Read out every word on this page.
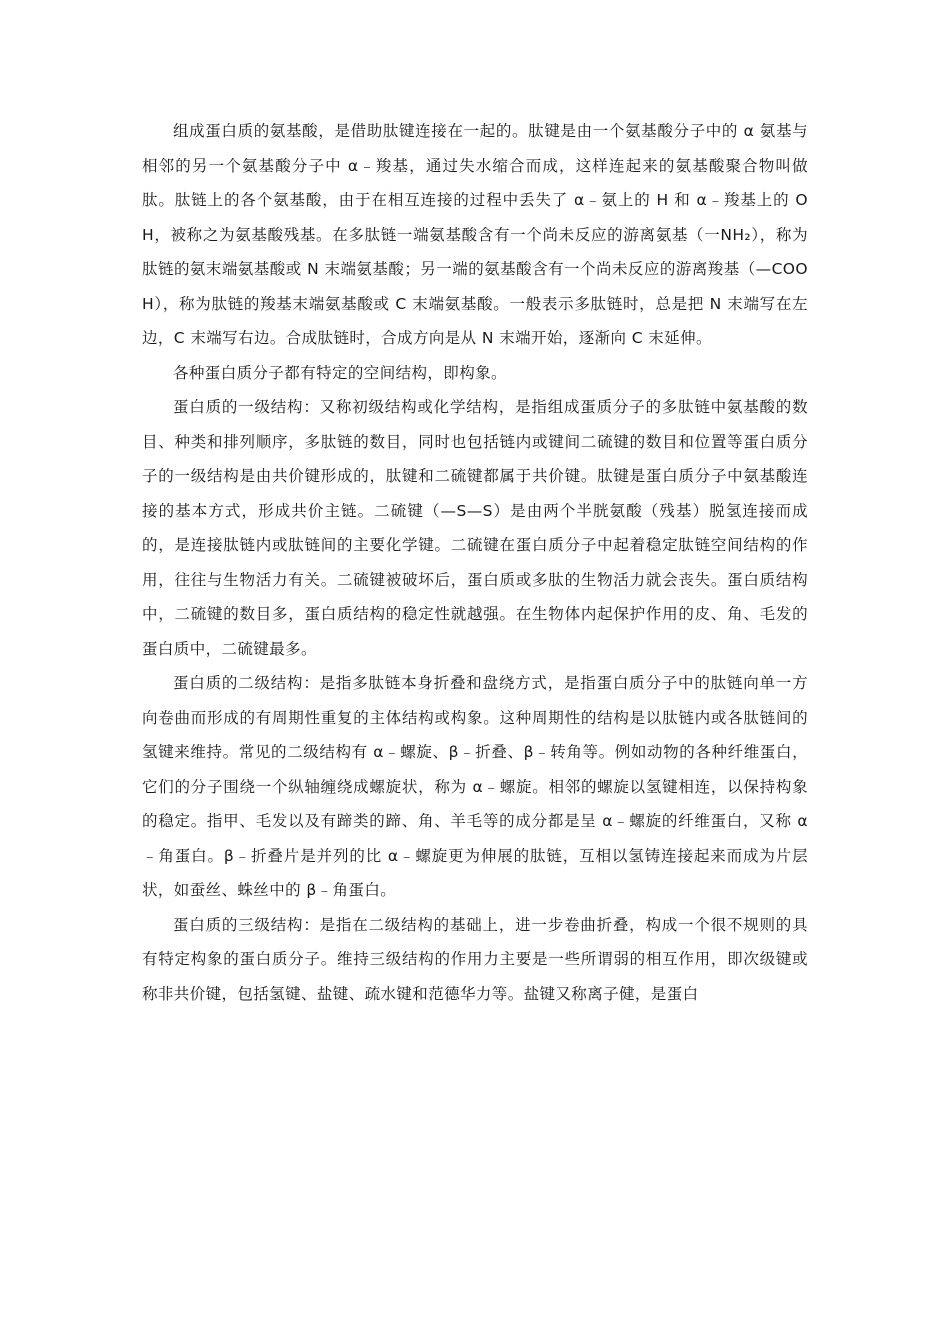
组成蛋白质的氨基酸，是借助肽键连接在一起的。肽键是由一个氨基酸分子中的 α 氨基与相邻的另一个氨基酸分子中 α﹣羧基，通过失水缩合而成，这样连起来的氨基酸聚合物叫做肽。肽链上的各个氨基酸，由于在相互连接的过程中丢失了 α﹣氨上的 H 和 α﹣羧基上的 OH，被称之为氨基酸残基。在多肽链一端氨基酸含有一个尚未反应的游离氨基（一NH₂），称为肽链的氨末端氨基酸或 N 末端氨基酸；另一端的氨基酸含有一个尚未反应的游离羧基（—COOH），称为肽链的羧基末端氨基酸或 C 末端氨基酸。一般表示多肽链时，总是把 N 末端写在左边，C 末端写右边。合成肽链时，合成方向是从 N 末端开始，逐渐向 C 末延伸。

各种蛋白质分子都有特定的空间结构，即构象。

蛋白质的一级结构：又称初级结构或化学结构，是指组成蛋质分子的多肽链中氨基酸的数目、种类和排列顺序，多肽链的数目，同时也包括链内或键间二硫键的数目和位置等蛋白质分子的一级结构是由共价键形成的，肽键和二硫键都属于共价键。肽键是蛋白质分子中氨基酸连接的基本方式，形成共价主链。二硫键（—S—S）是由两个半胱氨酸（残基）脱氢连接而成的，是连接肽链内或肽链间的主要化学键。二硫键在蛋白质分子中起着稳定肽链空间结构的作用，往往与生物活力有关。二硫键被破坏后，蛋白质或多肽的生物活力就会丧失。蛋白质结构中，二硫键的数目多，蛋白质结构的稳定性就越强。在生物体内起保护作用的皮、角、毛发的蛋白质中，二硫键最多。

蛋白质的二级结构：是指多肽链本身折叠和盘绕方式，是指蛋白质分子中的肽链向单一方向卷曲而形成的有周期性重复的主体结构或构象。这种周期性的结构是以肽链内或各肽链间的氢键来维持。常见的二级结构有 α﹣螺旋、β﹣折叠、β﹣转角等。例如动物的各种纤维蛋白，它们的分子围绕一个纵轴缠绕成螺旋状，称为 α﹣螺旋。相邻的螺旋以氢键相连，以保持构象的稳定。指甲、毛发以及有蹄类的蹄、角、羊毛等的成分都是呈 α﹣螺旋的纤维蛋白，又称 α﹣角蛋白。β﹣折叠片是并列的比 α﹣螺旋更为伸展的肽链，互相以氢铸连接起来而成为片层状，如蚕丝、蛛丝中的 β﹣角蛋白。

蛋白质的三级结构：是指在二级结构的基础上，进一步卷曲折叠，构成一个很不规则的具有特定构象的蛋白质分子。维持三级结构的作用力主要是一些所谓弱的相互作用，即次级键或称非共价键，包括氢键、盐键、疏水键和范德华力等。盐键又称离子健，是蛋白
